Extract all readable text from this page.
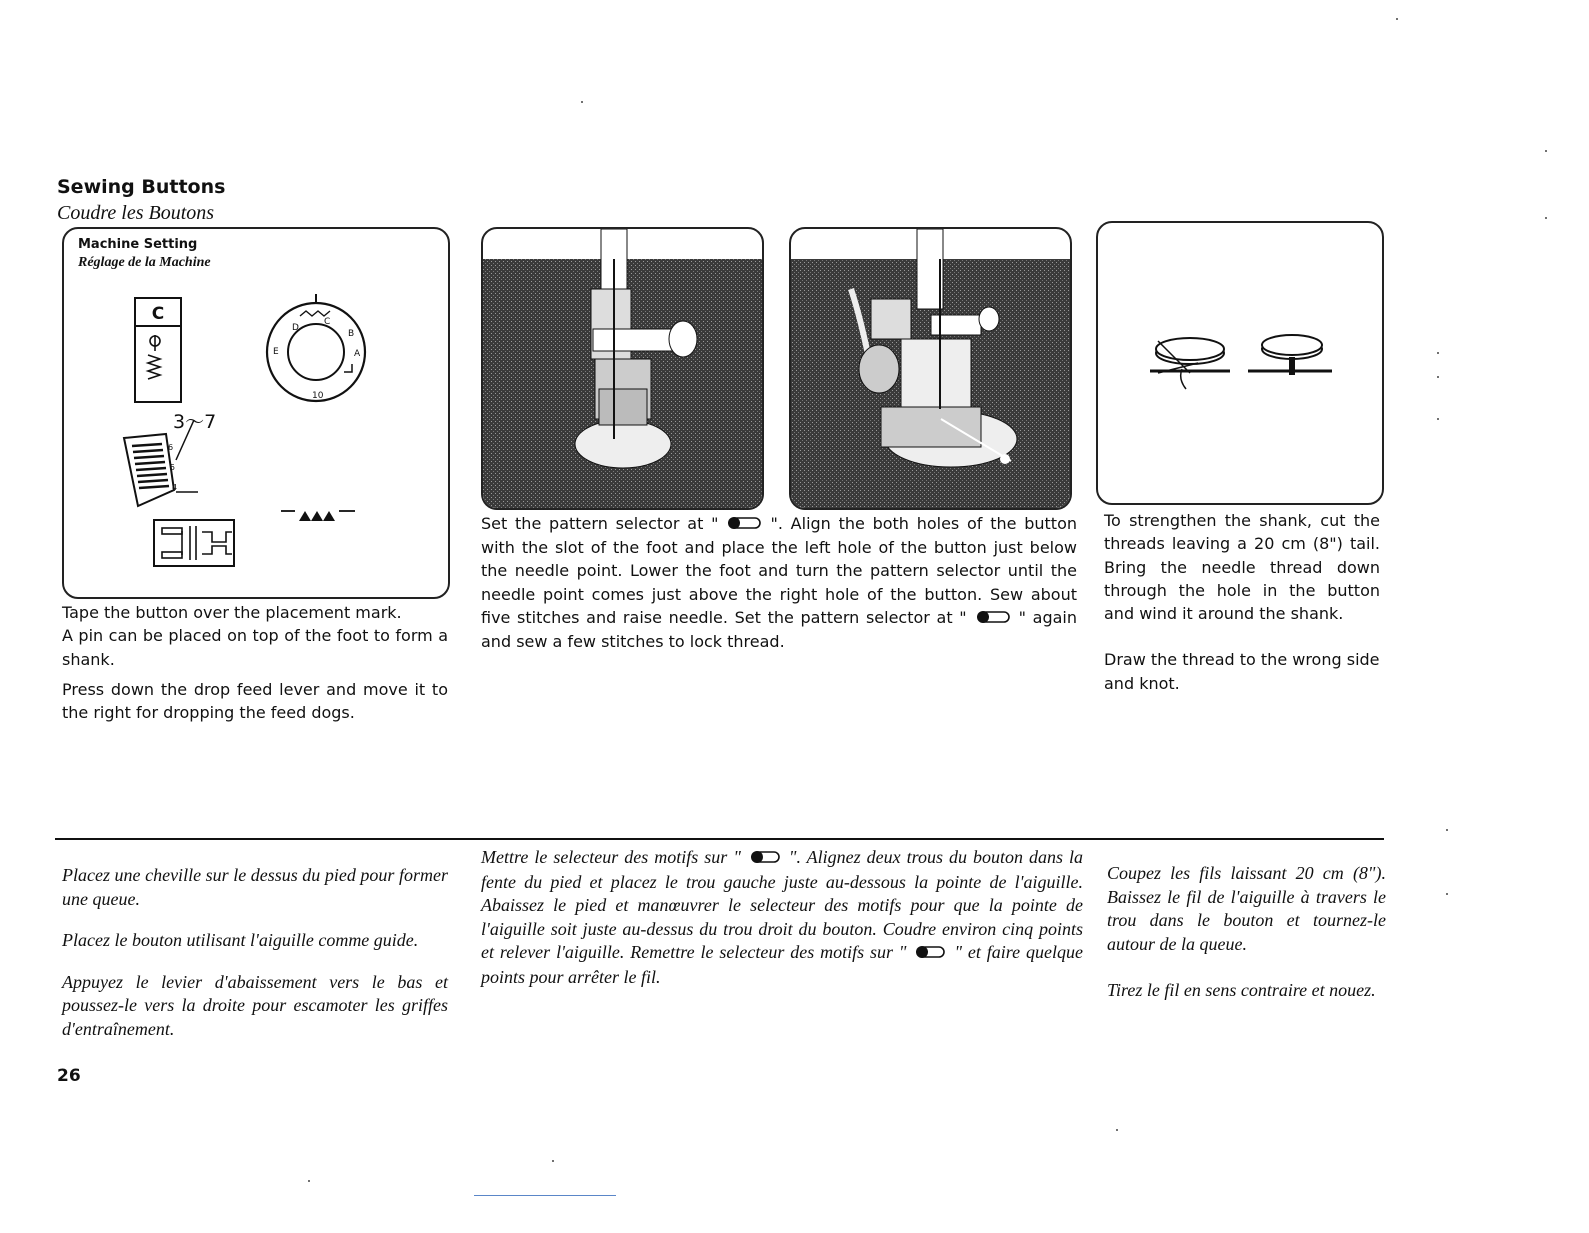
Sewing Buttons
Coudre les Boutons
Machine Setting
Réglage de la Machine
C
3～7
D
C
B
A
E
10
6
5
4

Tape the button over the placement mark.

A pin can be placed on top of the foot to form a shank.

Press down the drop feed lever and move it to the right for dropping the feed dogs.

Set the pattern selector at "	". Align the both holes of the button with the slot of the foot and place the left hole of the button just below the needle point. Lower the foot and turn the pattern selector until the needle point comes just above the right hole of the button. Sew about five stitches and raise needle. Set the pattern selector at "	" again and sew a few stitches to lock thread.

To strengthen the shank, cut the threads leaving a 20 cm (8") tail. Bring the needle thread down through the hole in the button and wind it around the shank.

Draw the thread to the wrong side and knot.

Placez une cheville sur le dessus du pied pour former une queue.

Placez le bouton utilisant l'aiguille comme guide.

Appuyez le levier d'abaissement vers le bas et poussez-le vers la droite pour escamoter les griffes d'entraînement.

Mettre le selecteur des motifs sur "	". Alignez deux trous du bouton dans la fente du pied et placez le trou gauche juste au-dessous la pointe de l'aiguille. Abaissez le pied et manœuvrer le selecteur des motifs pour que la pointe de l'aiguille soit juste au-dessus du trou droit du bouton. Coudre environ cinq points et relever l'aiguille. Remettre le selecteur des motifs sur "	" et faire quelque points pour arrêter le fil.

Coupez les fils laissant 20 cm (8"). Baissez le fil de l'aiguille à travers le trou dans le bouton et tournez-le autour de la queue.

Tirez le fil en sens contraire et nouez.

26
